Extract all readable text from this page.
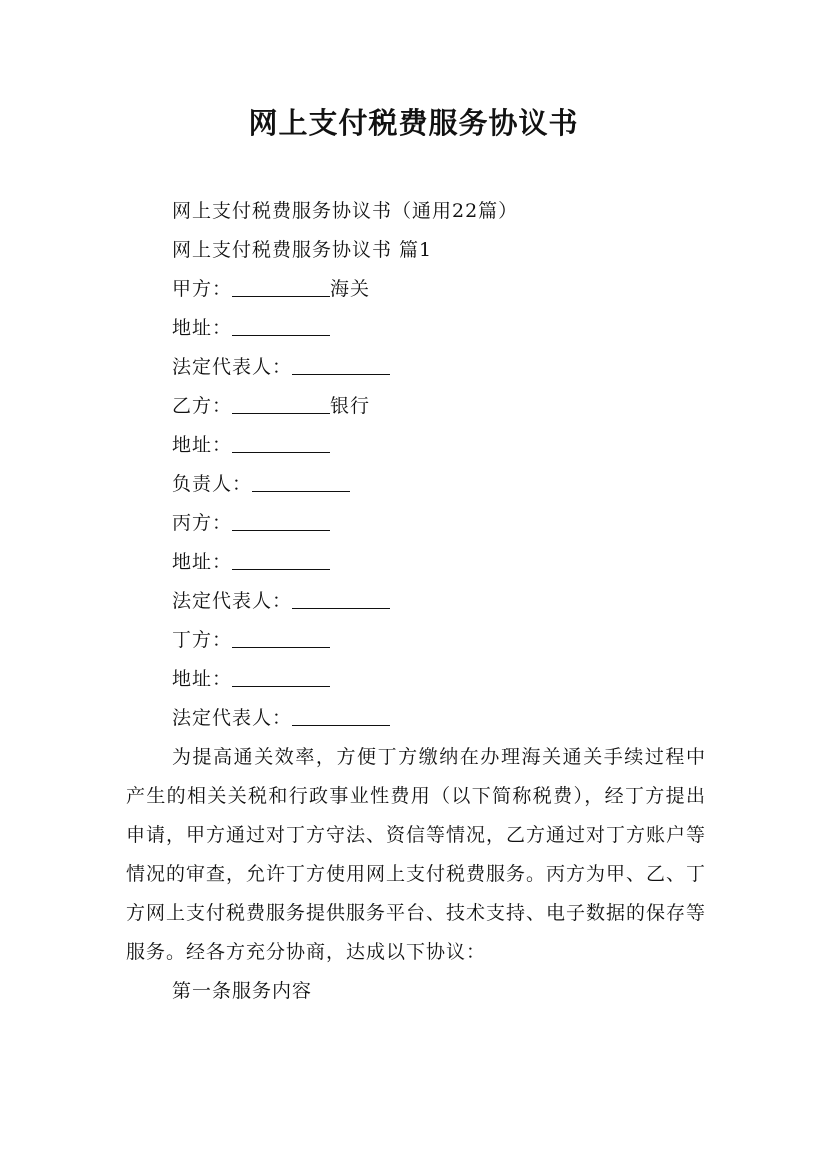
网上支付税费服务协议书
网上支付税费服务协议书（通用22篇）
网上支付税费服务协议书 篇1
甲方：	海关
地址：
法定代表人：
乙方：	银行
地址：
负责人：
丙方：
地址：
法定代表人：
丁方：
地址：
法定代表人：
为提高通关效率，方便丁方缴纳在办理海关通关手续过程中产生的相关关税和行政事业性费用（以下简称税费），经丁方提出申请，甲方通过对丁方守法、资信等情况，乙方通过对丁方账户等情况的审查，允许丁方使用网上支付税费服务。丙方为甲、乙、丁方网上支付税费服务提供服务平台、技术支持、电子数据的保存等服务。经各方充分协商，达成以下协议：
第一条服务内容
